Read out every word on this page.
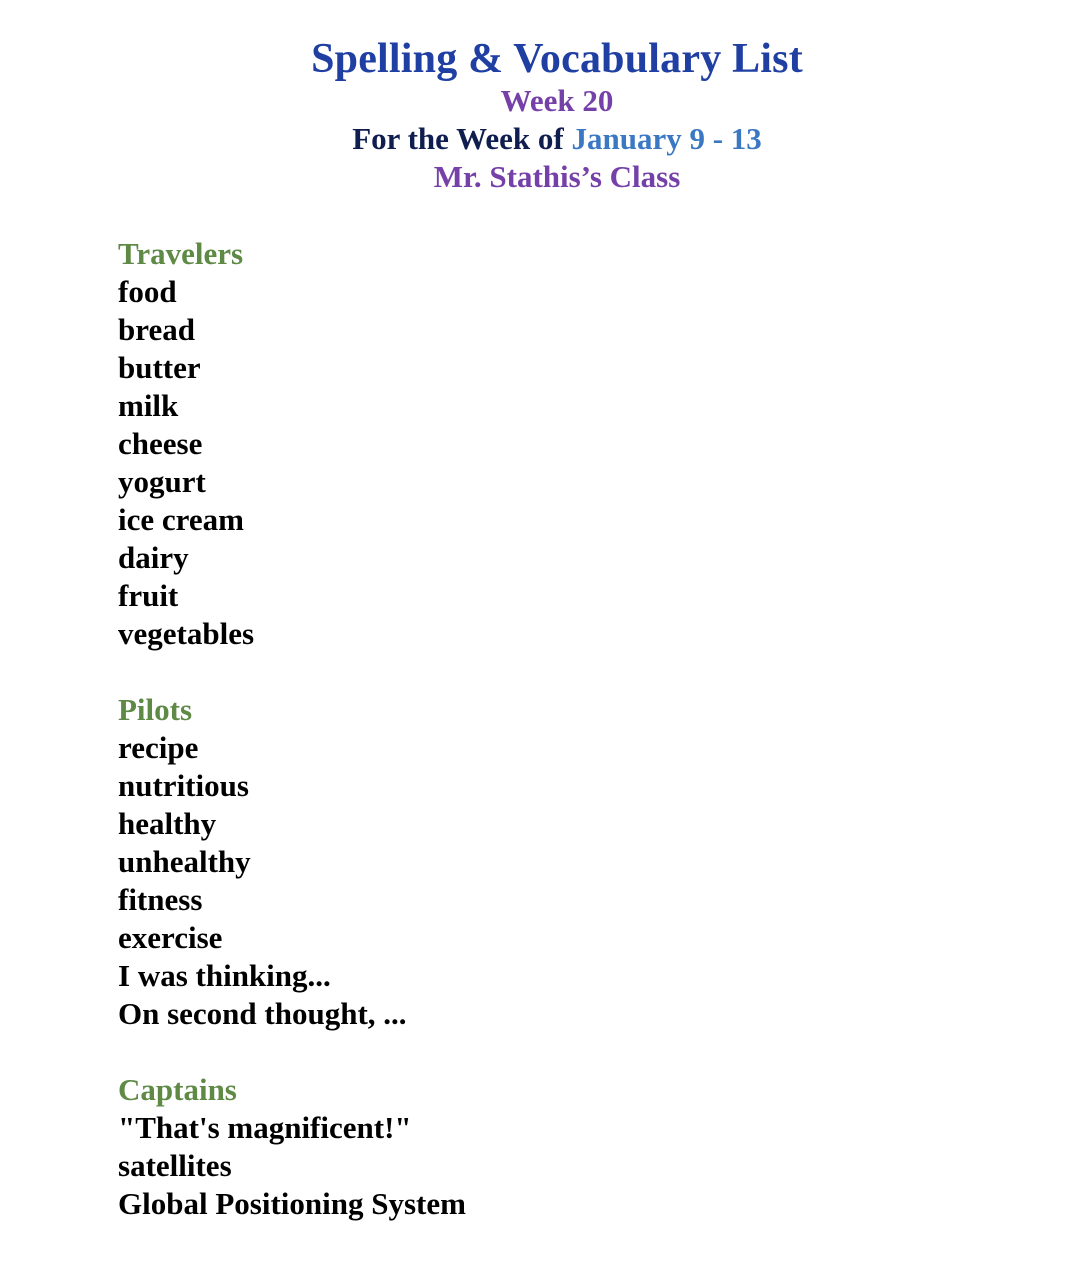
Spelling & Vocabulary List
Week 20
For the Week of January 9 - 13
Mr. Stathis’s Class
Travelers
food
bread
butter
milk
cheese
yogurt
ice cream
dairy
fruit
vegetables
Pilots
recipe
nutritious
healthy
unhealthy
fitness
exercise
I was thinking...
On second thought, ...
Captains
"That's magnificent!"
satellites
Global Positioning System
